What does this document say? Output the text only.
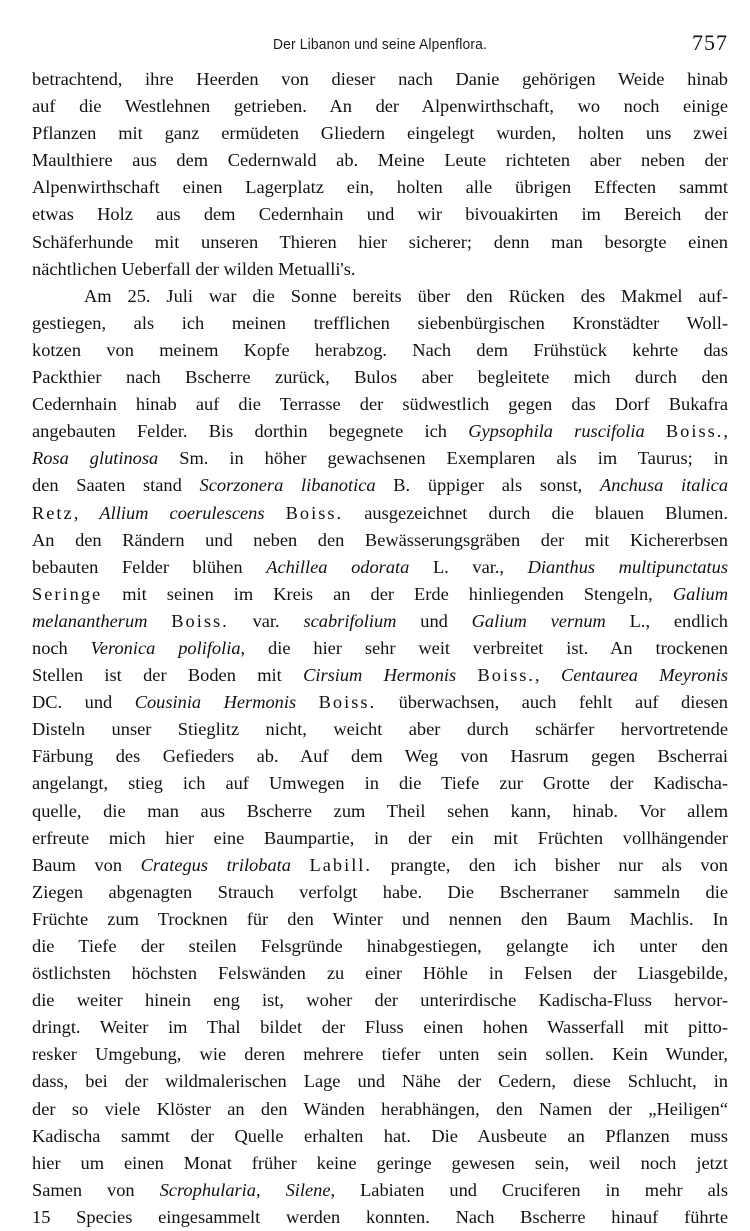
Der Libanon und seine Alpenflora.	757
betrachtend, ihre Heerden von dieser nach Danie gehörigen Weide hinab
auf die Westlehnen getrieben. An der Alpenwirthschaft, wo noch einige
Pflanzen mit ganz ermüdeten Gliedern eingelegt wurden, holten uns zwei
Maulthiere aus dem Cedernwald ab. Meine Leute richteten aber neben der
Alpenwirthschaft einen Lagerplatz ein, holten alle übrigen Effecten sammt
etwas Holz aus dem Cedernhain und wir bivouakirten im Bereich der
Schäferhunde mit unseren Thieren hier sicherer; denn man besorgte einen
nächtlichen Ueberfall der wilden Metualli's.
Am 25. Juli war die Sonne bereits über den Rücken des Makmel auf-
gestiegen, als ich meinen trefflichen siebenbürgischen Kronstädter Woll-
kotzen von meinem Kopfe herabzog. Nach dem Frühstück kehrte das
Packthier nach Bscherre zurück, Bulos aber begleitete mich durch den
Cedernhain hinab auf die Terrasse der südwestlich gegen das Dorf Bukafra
angebauten Felder. Bis dorthin begegnete ich Gypsophila ruscifolia Boiss.,
Rosa glutinosa Sm. in höher gewachsenen Exemplaren als im Taurus; in
den Saaten stand Scorzonera libanotica B. üppiger als sonst, Anchusa italica
Retz, Allium coerulescens Boiss. ausgezeichnet durch die blauen Blumen.
An den Rändern und neben den Bewässerungsgräben der mit Kichererbsen
bebauten Felder blühen Achillea odorata L. var., Dianthus multipunctatus
Seringe mit seinen im Kreis an der Erde hinliegenden Stengeln, Galium
melanantherum Boiss. var. scabrifolium und Galium vernum L., endlich
noch Veronica polifolia, die hier sehr weit verbreitet ist. An trockenen
Stellen ist der Boden mit Cirsium Hermonis Boiss., Centaurea Meyronis
DC. und Cousinia Hermonis Boiss. überwachsen, auch fehlt auf diesen
Disteln unser Stieglitz nicht, weicht aber durch schärfer hervortretende
Färbung des Gefieders ab. Auf dem Weg von Hasrum gegen Bscherrai
angelangt, stieg ich auf Umwegen in die Tiefe zur Grotte der Kadischa-
quelle, die man aus Bscherre zum Theil sehen kann, hinab. Vor allem
erfreute mich hier eine Baumpartie, in der ein mit Früchten vollhängender
Baum von Crategus trilobata Labill. prangte, den ich bisher nur als von
Ziegen abgenagten Strauch verfolgt habe. Die Bscherraner sammeln die
Früchte zum Trocknen für den Winter und nennen den Baum Machlis. In
die Tiefe der steilen Felsgründe hinabgestiegen, gelangte ich unter den
östlichsten höchsten Felswänden zu einer Höhle in Felsen der Liasgebilde,
die weiter hinein eng ist, woher der unterirdische Kadischa-Fluss hervor-
dringt. Weiter im Thal bildet der Fluss einen hohen Wasserfall mit pitto-
resker Umgebung, wie deren mehrere tiefer unten sein sollen. Kein Wunder,
dass, bei der wildmalerischen Lage und Nähe der Cedern, diese Schlucht, in
der so viele Klöster an den Wänden herabhängen, den Namen der „Heiligen“
Kadischa sammt der Quelle erhalten hat. Die Ausbeute an Pflanzen muss
hier um einen Monat früher keine geringe gewesen sein, weil noch jetzt
Samen von Scrophularia, Silene, Labiaten und Cruciferen in mehr als
15 Species eingesammelt werden konnten. Nach Bscherre hinauf führte
